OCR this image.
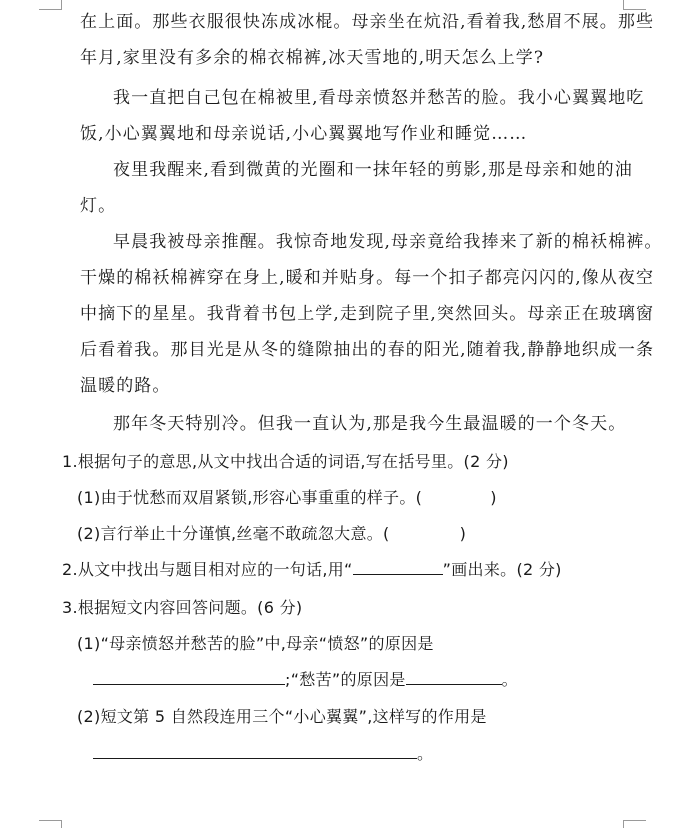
在上面。那些衣服很快冻成冰棍。母亲坐在炕沿,看着我,愁眉不展。那些
年月,家里没有多余的棉衣棉裤,冰天雪地的,明天怎么上学?
我一直把自己包在棉被里,看母亲愤怒并愁苦的脸。我小心翼翼地吃
饭,小心翼翼地和母亲说话,小心翼翼地写作业和睡觉……
夜里我醒来,看到微黄的光圈和一抹年轻的剪影,那是母亲和她的油
灯。
早晨我被母亲推醒。我惊奇地发现,母亲竟给我捧来了新的棉袄棉裤。
干燥的棉袄棉裤穿在身上,暖和并贴身。每一个扣子都亮闪闪的,像从夜空
中摘下的星星。我背着书包上学,走到院子里,突然回头。母亲正在玻璃窗
后看着我。那目光是从冬的缝隙抽出的春的阳光,随着我,静静地织成一条
温暖的路。
那年冬天特别冷。但我一直认为,那是我今生最温暖的一个冬天。
1.根据句子的意思,从文中找出合适的词语,写在括号里。(2 分)
(1)由于忧愁而双眉紧锁,形容心事重重的样子。(	)
(2)言行举止十分谨慎,丝毫不敢疏忽大意。(	)
2.从文中找出与题目相对应的一句话,用“	”画出来。(2 分)
3.根据短文内容回答问题。(6 分)
(1)“母亲愤怒并愁苦的脸”中,母亲“愤怒”的原因是
;“愁苦”的原因是	。
(2)短文第 5 自然段连用三个“小心翼翼”,这样写的作用是
。
